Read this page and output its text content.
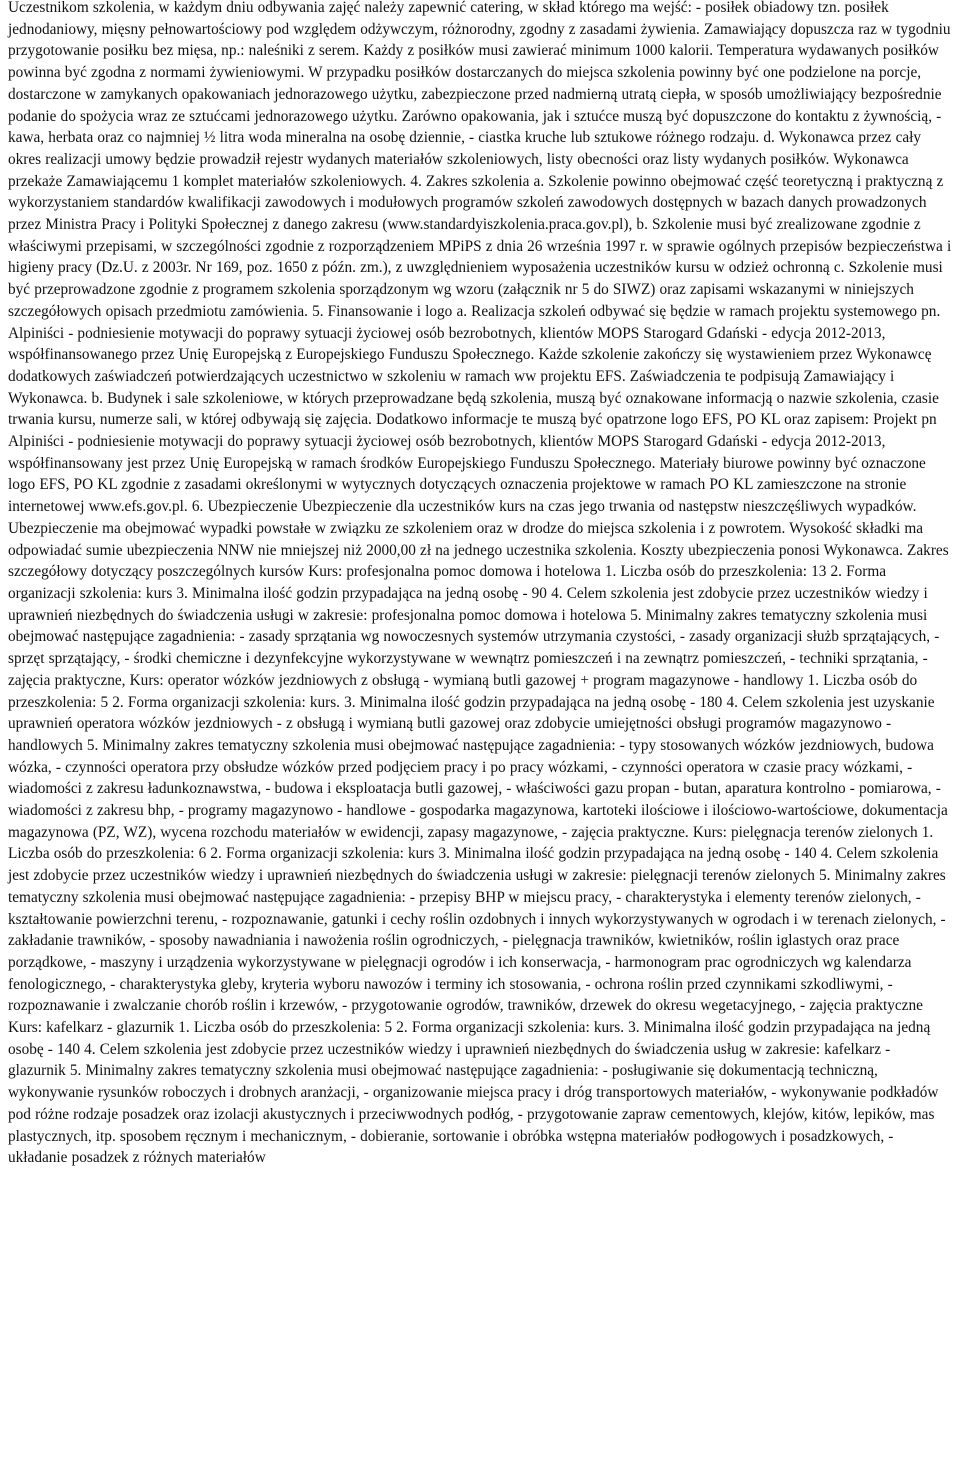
Uczestnikom szkolenia, w każdym dniu odbywania zajęć należy zapewnić catering, w skład którego ma wejść: - posiłek obiadowy tzn. posiłek jednodaniowy, mięsny pełnowartościowy pod względem odżywczym, różnorodny, zgodny z zasadami żywienia. Zamawiający dopuszcza raz w tygodniu przygotowanie posiłku bez mięsa, np.: naleśniki z serem. Każdy z posiłków musi zawierać minimum 1000 kalorii. Temperatura wydawanych posiłków powinna być zgodna z normami żywieniowymi. W przypadku posiłków dostarczanych do miejsca szkolenia powinny być one podzielone na porcje, dostarczone w zamykanych opakowaniach jednorazowego użytku, zabezpieczone przed nadmierną utratą ciepła, w sposób umożliwiający bezpośrednie podanie do spożycia wraz ze sztućcami jednorazowego użytku. Zarówno opakowania, jak i sztućce muszą być dopuszczone do kontaktu z żywnością, - kawa, herbata oraz co najmniej ½ litra woda mineralna na osobę dziennie, - ciastka kruche lub sztukowe różnego rodzaju. d. Wykonawca przez cały okres realizacji umowy będzie prowadził rejestr wydanych materiałów szkoleniowych, listy obecności oraz listy wydanych posiłków. Wykonawca przekaże Zamawiającemu 1 komplet materiałów szkoleniowych. 4. Zakres szkolenia a. Szkolenie powinno obejmować część teoretyczną i praktyczną z wykorzystaniem standardów kwalifikacji zawodowych i modułowych programów szkoleń zawodowych dostępnych w bazach danych prowadzonych przez Ministra Pracy i Polityki Społecznej z danego zakresu (www.standardyiszkolenia.praca.gov.pl), b. Szkolenie musi być zrealizowane zgodnie z właściwymi przepisami, w szczególności zgodnie z rozporządzeniem MPiPS z dnia 26 września 1997 r. w sprawie ogólnych przepisów bezpieczeństwa i higieny pracy (Dz.U. z 2003r. Nr 169, poz. 1650 z późn. zm.), z uwzględnieniem wyposażenia uczestników kursu w odzież ochronną c. Szkolenie musi być przeprowadzone zgodnie z programem szkolenia sporządzonym wg wzoru (załącznik nr 5 do SIWZ) oraz zapisami wskazanymi w niniejszych szczegółowych opisach przedmiotu zamówienia. 5. Finansowanie i logo a. Realizacja szkoleń odbywać się będzie w ramach projektu systemowego pn. Alpiniści - podniesienie motywacji do poprawy sytuacji życiowej osób bezrobotnych, klientów MOPS Starogard Gdański - edycja 2012-2013, współfinansowanego przez Unię Europejską z Europejskiego Funduszu Społecznego. Każde szkolenie zakończy się wystawieniem przez Wykonawcę dodatkowych zaświadczeń potwierdzających uczestnictwo w szkoleniu w ramach ww projektu EFS. Zaświadczenia te podpisują Zamawiający i Wykonawca. b. Budynek i sale szkoleniowe, w których przeprowadzane będą szkolenia, muszą być oznakowane informacją o nazwie szkolenia, czasie trwania kursu, numerze sali, w której odbywają się zajęcia. Dodatkowo informacje te muszą być opatrzone logo EFS, PO KL oraz zapisem: Projekt pn Alpiniści - podniesienie motywacji do poprawy sytuacji życiowej osób bezrobotnych, klientów MOPS Starogard Gdański - edycja 2012-2013, współfinansowany jest przez Unię Europejską w ramach środków Europejskiego Funduszu Społecznego. Materiały biurowe powinny być oznaczone logo EFS, PO KL zgodnie z zasadami określonymi w wytycznych dotyczących oznaczenia projektowe w ramach PO KL zamieszczone na stronie internetowej www.efs.gov.pl. 6. Ubezpieczenie Ubezpieczenie dla uczestników kurs na czas jego trwania od następstw nieszczęśliwych wypadków. Ubezpieczenie ma obejmować wypadki powstałe w związku ze szkoleniem oraz w drodze do miejsca szkolenia i z powrotem. Wysokość składki ma odpowiadać sumie ubezpieczenia NNW nie mniejszej niż 2000,00 zł na jednego uczestnika szkolenia. Koszty ubezpieczenia ponosi Wykonawca. Zakres szczegółowy dotyczący poszczególnych kursów Kurs: profesjonalna pomoc domowa i hotelowa 1. Liczba osób do przeszkolenia: 13 2. Forma organizacji szkolenia: kurs 3. Minimalna ilość godzin przypadająca na jedną osobę - 90 4. Celem szkolenia jest zdobycie przez uczestników wiedzy i uprawnień niezbędnych do świadczenia usługi w zakresie: profesjonalna pomoc domowa i hotelowa 5. Minimalny zakres tematyczny szkolenia musi obejmować następujące zagadnienia: - zasady sprzątania wg nowoczesnych systemów utrzymania czystości, - zasady organizacji służb sprzątających, - sprzęt sprzątający, - środki chemiczne i dezynfekcyjne wykorzystywane w wewnątrz pomieszczeń i na zewnątrz pomieszczeń, - techniki sprzątania, - zajęcia praktyczne, Kurs: operator wózków jezdniowych z obsługą - wymianą butli gazowej + program magazynowe - handlowy 1. Liczba osób do przeszkolenia: 5 2. Forma organizacji szkolenia: kurs. 3. Minimalna ilość godzin przypadająca na jedną osobę - 180 4. Celem szkolenia jest uzyskanie uprawnień operatora wózków jezdniowych - z obsługą i wymianą butli gazowej oraz zdobycie umiejętności obsługi programów magazynowo - handlowych 5. Minimalny zakres tematyczny szkolenia musi obejmować następujące zagadnienia: - typy stosowanych wózków jezdniowych, budowa wózka, - czynności operatora przy obsłudze wózków przed podjęciem pracy i po pracy wózkami, - czynności operatora w czasie pracy wózkami, - wiadomości z zakresu ładunkoznawstwa, - budowa i eksploatacja butli gazowej, - właściwości gazu propan - butan, aparatura kontrolno - pomiarowa, - wiadomości z zakresu bhp, - programy magazynowo - handlowe - gospodarka magazynowa, kartoteki ilościowe i ilościowo-wartościowe, dokumentacja magazynowa (PZ, WZ), wycena rozchodu materiałów w ewidencji, zapasy magazynowe, - zajęcia praktyczne. Kurs: pielęgnacja terenów zielonych 1. Liczba osób do przeszkolenia: 6 2. Forma organizacji szkolenia: kurs 3. Minimalna ilość godzin przypadająca na jedną osobę - 140 4. Celem szkolenia jest zdobycie przez uczestników wiedzy i uprawnień niezbędnych do świadczenia usługi w zakresie: pielęgnacji terenów zielonych 5. Minimalny zakres tematyczny szkolenia musi obejmować następujące zagadnienia: - przepisy BHP w miejscu pracy, - charakterystyka i elementy terenów zielonych, - kształtowanie powierzchni terenu, - rozpoznawanie, gatunki i cechy roślin ozdobnych i innych wykorzystywanych w ogrodach i w terenach zielonych, - zakładanie trawników, - sposoby nawadniania i nawożenia roślin ogrodniczych, - pielęgnacja trawników, kwietników, roślin iglastych oraz prace porządkowe, - maszyny i urządzenia wykorzystywane w pielęgnacji ogrodów i ich konserwacja, - harmonogram prac ogrodniczych wg kalendarza fenologicznego, - charakterystyka gleby, kryteria wyboru nawozów i terminy ich stosowania, - ochrona roślin przed czynnikami szkodliwymi, - rozpoznawanie i zwalczanie chorób roślin i krzewów, - przygotowanie ogrodów, trawników, drzewek do okresu wegetacyjnego, - zajęcia praktyczne Kurs: kafelkarz - glazurnik 1. Liczba osób do przeszkolenia: 5 2. Forma organizacji szkolenia: kurs. 3. Minimalna ilość godzin przypadająca na jedną osobę - 140 4. Celem szkolenia jest zdobycie przez uczestników wiedzy i uprawnień niezbędnych do świadczenia usług w zakresie: kafelkarz - glazurnik 5. Minimalny zakres tematyczny szkolenia musi obejmować następujące zagadnienia: - posługiwanie się dokumentacją techniczną, wykonywanie rysunków roboczych i drobnych aranżacji, - organizowanie miejsca pracy i dróg transportowych materiałów, - wykonywanie podkładów pod różne rodzaje posadzek oraz izolacji akustycznych i przeciwwodnych podłóg, - przygotowanie zapraw cementowych, klejów, kitów, lepików, mas plastycznych, itp. sposobem ręcznym i mechanicznym, - dobieranie, sortowanie i obróbka wstępna materiałów podłogowych i posadzkowych, - układanie posadzek z różnych materiałów
